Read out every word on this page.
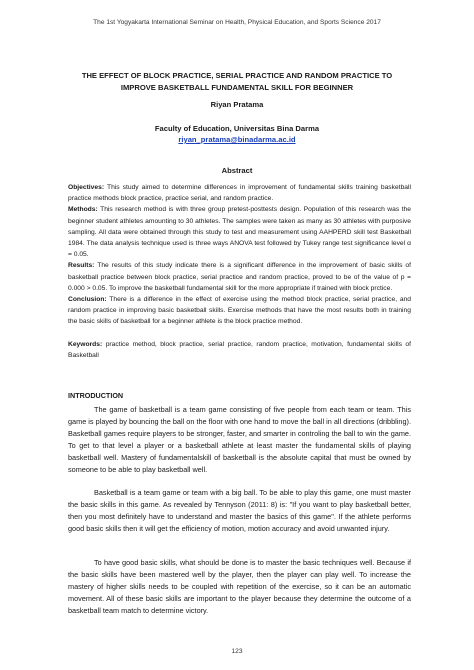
The 1st Yogyakarta International Seminar on Health, Physical Education, and Sports Science 2017
THE EFFECT OF BLOCK PRACTICE, SERIAL PRACTICE AND RANDOM PRACTICE TO IMPROVE BASKETBALL FUNDAMENTAL SKILL FOR BEGINNER
Riyan Pratama
Faculty of Education, Universitas Bina Darma
riyan_pratama@binadarma.ac.id
Abstract

Objectives: This study aimed to determine differences in improvement of fundamental skills training basketball practice methods block practice, practice serial, and random practice.

Methods: This research method is with three group pretest-posttests design. Population of this research was the beginner student athletes amounting to 30 athletes. The samples were taken as many as 30 athletes with purposive sampling. All data were obtained through this study to test and measurement using AAHPERD skill test Basketball 1984. The data analysis technique used is three ways ANOVA test followed by Tukey range test significance level α = 0.05.

Results: The results of this study indicate there is a significant difference in the improvement of basic skills of basketball practice between block practice, serial practice and random practice, proved to be of the value of p = 0.000 > 0.05. To improve the basketball fundamental skill for the more appropriate if trained with block prctice.

Conclusion: There is a difference in the effect of exercise using the method block practice, serial practice, and random practice in improving basic basketball skills. Exercise methods that have the most results both in training the basic skills of basketball for a beginner athlete is the block practice method.

Keywords: practice method, block practice, serial practice, random practice, motivation, fundamental skills of Basketball

INTRODUCTION

The game of basketball is a team game consisting of five people from each team or team. This game is played by bouncing the ball on the floor with one hand to move the ball in all directions (dribbling). Basketball games require players to be stronger, faster, and smarter in controling the ball to win the game. To get to that level a player or a basketball athlete at least master the fundamental skills of playing basketball well. Mastery of fundamentalskill of basketball is the absolute capital that must be owned by someone to be able to play basketball well.

Basketball is a team game or team with a big ball. To be able to play this game, one must master the basic skills in this game. As revealed by Tennyson (2011: 8) is: "If you want to play basketball better, then you most definitely have to understand and master the basics of this game". If the athlete performs good basic skills then it will get the efficiency of motion, motion accuracy and avoid unwanted injury.

To have good basic skills, what should be done is to master the basic techniques well. Because if the basic skills have been mastered well by the player, then the player can play well. To increase the mastery of higher skills needs to be coupled with repetition of the exercise, so it can be an automatic movement. All of these basic skills are important to the player because they determine the outcome of a basketball team match to determine victory.

123
